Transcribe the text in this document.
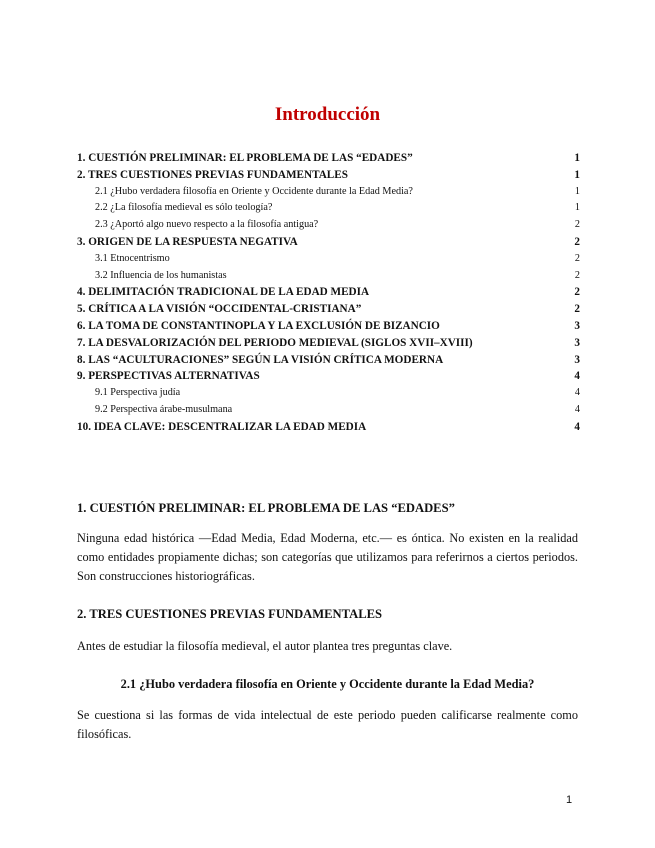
Introducción
1. CUESTIÓN PRELIMINAR: EL PROBLEMA DE LAS “EDADES”	1
2. TRES CUESTIONES PREVIAS FUNDAMENTALES	1
2.1 ¿Hubo verdadera filosofía en Oriente y Occidente durante la Edad Media?	1
2.2 ¿La filosofía medieval es sólo teología?	1
2.3 ¿Aportó algo nuevo respecto a la filosofía antigua?	2
3. ORIGEN DE LA RESPUESTA NEGATIVA	2
3.1 Etnocentrismo	2
3.2 Influencia de los humanistas	2
4. DELIMITACIÓN TRADICIONAL DE LA EDAD MEDIA	2
5. CRÍTICA A LA VISIÓN “OCCIDENTAL-CRISTIANA”	2
6. LA TOMA DE CONSTANTINOPLA Y LA EXCLUSIÓN DE BIZANCIO	3
7. LA DESVALORIZACIÓN DEL PERIODO MEDIEVAL (SIGLOS XVII–XVIII)	3
8. LAS “ACULTURACIONES” SEGÚN LA VISIÓN CRÍTICA MODERNA	3
9. PERSPECTIVAS ALTERNATIVAS	4
9.1 Perspectiva judía	4
9.2 Perspectiva árabe-musulmana	4
10. IDEA CLAVE: DESCENTRALIZAR LA EDAD MEDIA	4
1. CUESTIÓN PRELIMINAR: EL PROBLEMA DE LAS “EDADES”
Ninguna edad histórica —Edad Media, Edad Moderna, etc.— es óntica. No existen en la realidad como entidades propiamente dichas; son categorías que utilizamos para referirnos a ciertos periodos. Son construcciones historiográficas.
2. TRES CUESTIONES PREVIAS FUNDAMENTALES
Antes de estudiar la filosofía medieval, el autor plantea tres preguntas clave.
2.1 ¿Hubo verdadera filosofía en Oriente y Occidente durante la Edad Media?
Se cuestiona si las formas de vida intelectual de este periodo pueden calificarse realmente como filosóficas.
1
